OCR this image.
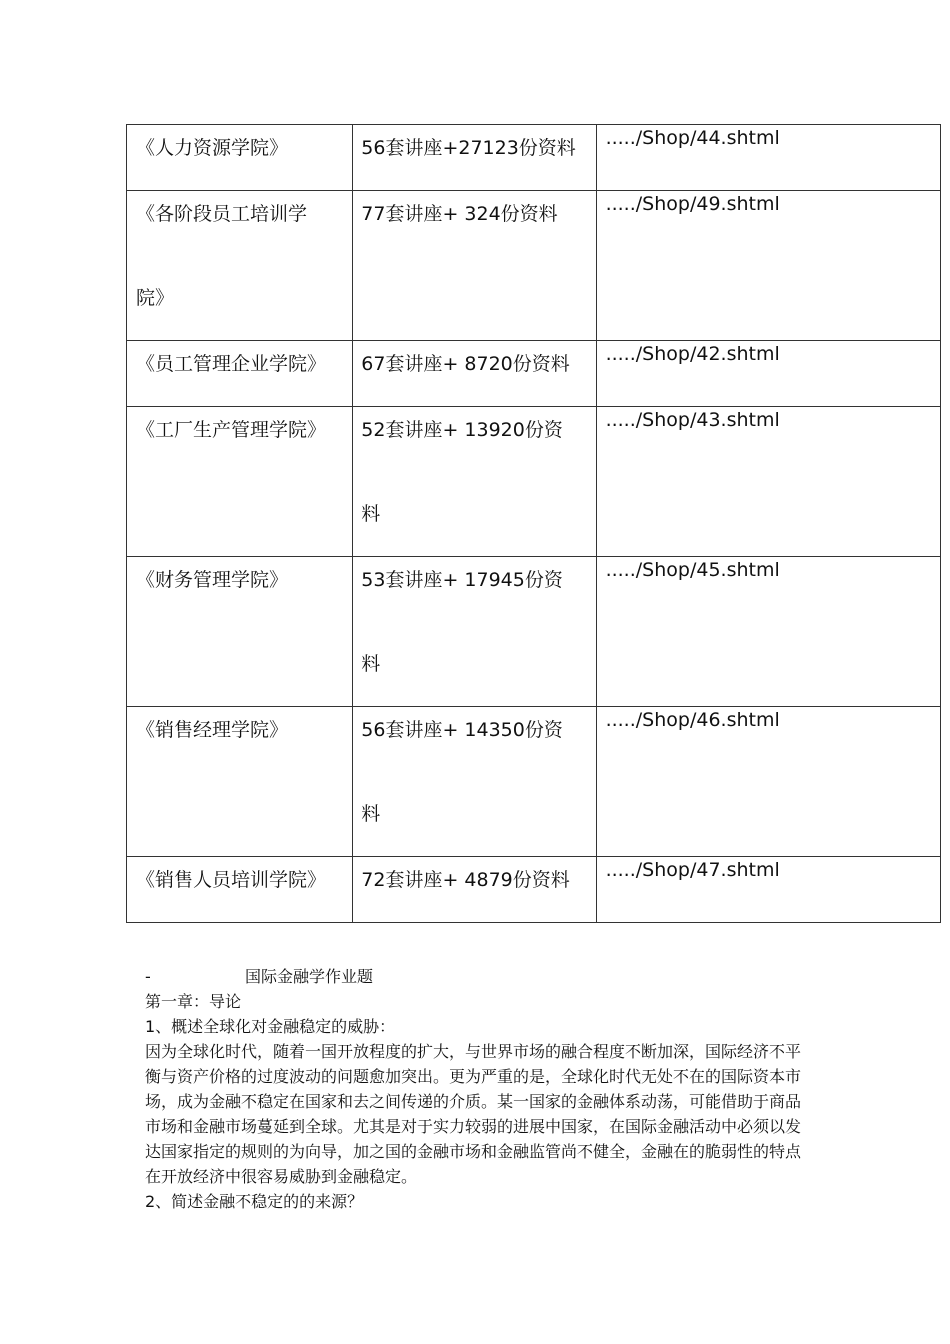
《人力资源学院》	56套讲座+27123份资料	...../Shop/44.shtml

《各阶段员工培训学院》	77套讲座+ 324份资料	...../Shop/49.shtml

《员工管理企业学院》	67套讲座+ 8720份资料	...../Shop/42.shtml

《工厂生产管理学院》	52套讲座+ 13920份资料	...../Shop/43.shtml

《财务管理学院》	53套讲座+ 17945份资料	...../Shop/45.shtml

《销售经理学院》	56套讲座+ 14350份资料	...../Shop/46.shtml

《销售人员培训学院》	72套讲座+ 4879份资料	...../Shop/47.shtml
-	国际金融学作业题

第一章：导论

1、概述全球化对金融稳定的威胁：

因为全球化时代，随着一国开放程度的扩大，与世界市场的融合程度不断加深，国际经济不平衡与资产价格的过度波动的问题愈加突出。更为严重的是，全球化时代无处不在的国际资本市场，成为金融不稳定在国家和去之间传递的介质。某一国家的金融体系动荡，可能借助于商品市场和金融市场蔓延到全球。尤其是对于实力较弱的进展中国家，在国际金融活动中必须以发达国家指定的规则的为向导，加之国的金融市场和金融监管尚不健全，金融在的脆弱性的特点在开放经济中很容易威胁到金融稳定。

2、简述金融不稳定的的来源？
